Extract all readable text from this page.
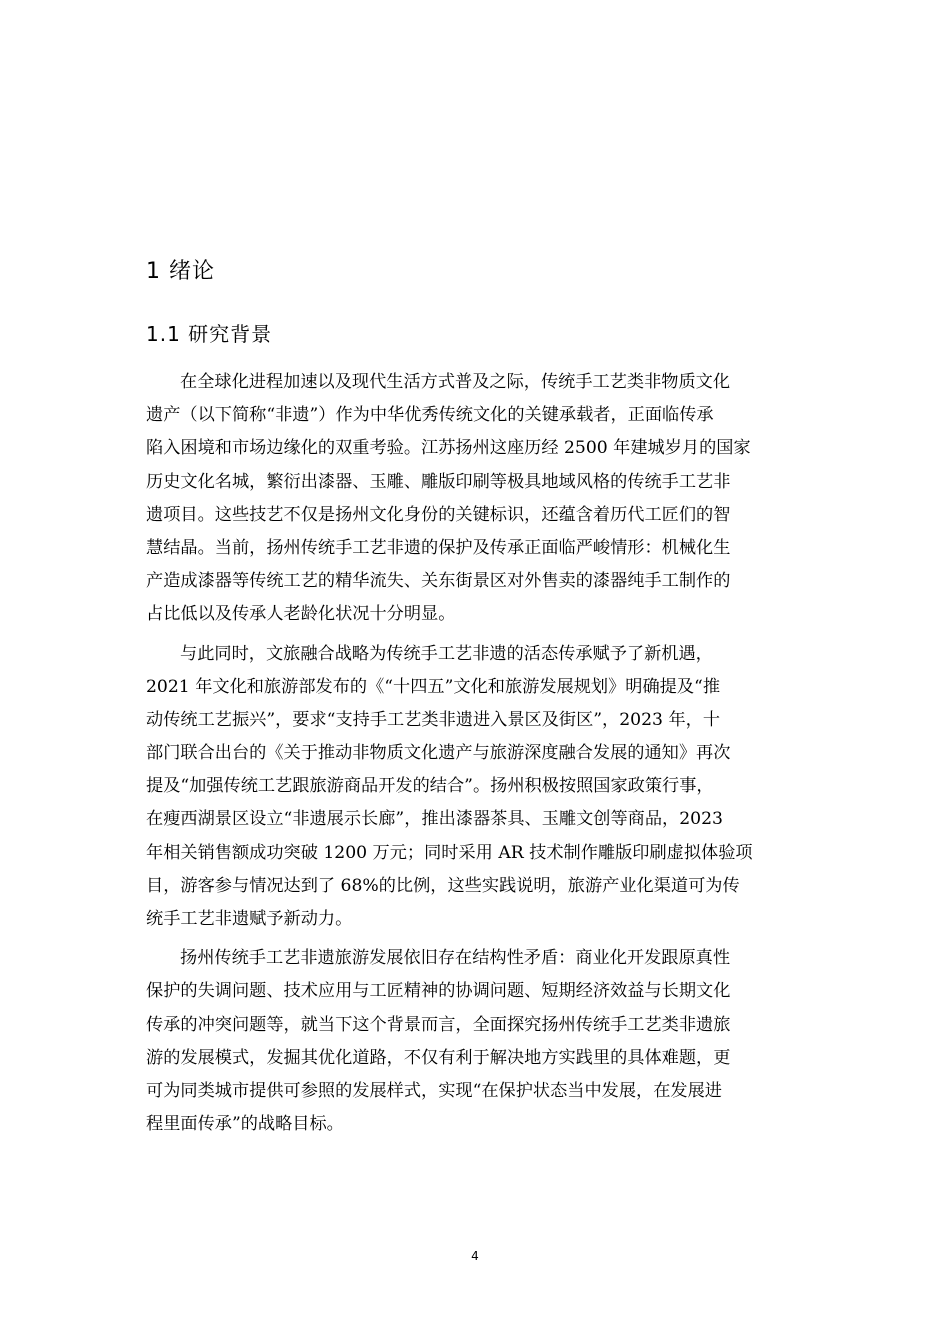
1 绪论
1.1 研究背景
在全球化进程加速以及现代生活方式普及之际，传统手工艺类非物质文化
遗产（以下简称“非遗”）作为中华优秀传统文化的关键承载者，正面临传承
陷入困境和市场边缘化的双重考验。江苏扬州这座历经 2500 年建城岁月的国家
历史文化名城，繁衍出漆器、玉雕、雕版印刷等极具地域风格的传统手工艺非
遗项目。这些技艺不仅是扬州文化身份的关键标识，还蕴含着历代工匠们的智
慧结晶。当前，扬州传统手工艺非遗的保护及传承正面临严峻情形：机械化生
产造成漆器等传统工艺的精华流失、关东街景区对外售卖的漆器纯手工制作的
占比低以及传承人老龄化状况十分明显。
与此同时，文旅融合战略为传统手工艺非遗的活态传承赋予了新机遇，
2021 年文化和旅游部发布的《“十四五”文化和旅游发展规划》明确提及“推
动传统工艺振兴”，要求“支持手工艺类非遗进入景区及街区”，2023 年，十
部门联合出台的《关于推动非物质文化遗产与旅游深度融合发展的通知》再次
提及“加强传统工艺跟旅游商品开发的结合”。扬州积极按照国家政策行事，
在瘦西湖景区设立“非遗展示长廊”，推出漆器茶具、玉雕文创等商品，2023
年相关销售额成功突破 1200 万元；同时采用 AR 技术制作雕版印刷虚拟体验项
目，游客参与情况达到了 68%的比例，这些实践说明，旅游产业化渠道可为传
统手工艺非遗赋予新动力。
扬州传统手工艺非遗旅游发展依旧存在结构性矛盾：商业化开发跟原真性
保护的失调问题、技术应用与工匠精神的协调问题、短期经济效益与长期文化
传承的冲突问题等，就当下这个背景而言，全面探究扬州传统手工艺类非遗旅
游的发展模式，发掘其优化道路，不仅有利于解决地方实践里的具体难题，更
可为同类城市提供可参照的发展样式，实现“在保护状态当中发展，在发展进
程里面传承”的战略目标。
4
